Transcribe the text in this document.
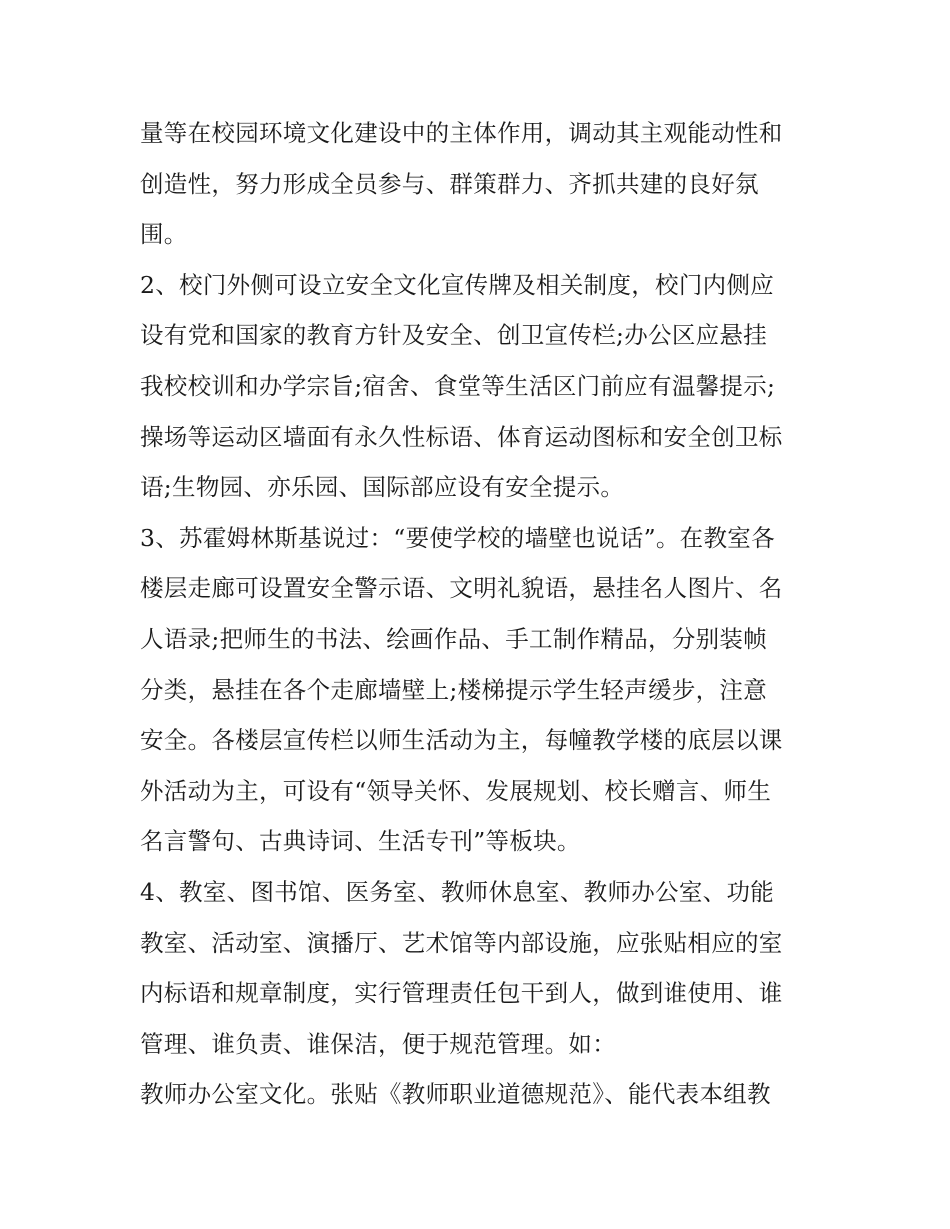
量等在校园环境文化建设中的主体作用，调动其主观能动性和
创造性，努力形成全员参与、群策群力、齐抓共建的良好氛
围。
2、校门外侧可设立安全文化宣传牌及相关制度，校门内侧应
设有党和国家的教育方针及安全、创卫宣传栏;办公区应悬挂
我校校训和办学宗旨;宿舍、食堂等生活区门前应有温馨提示;
操场等运动区墙面有永久性标语、体育运动图标和安全创卫标
语;生物园、亦乐园、国际部应设有安全提示。
3、苏霍姆林斯基说过：“要使学校的墙壁也说话”。在教室各
楼层走廊可设置安全警示语、文明礼貌语，悬挂名人图片、名
人语录;把师生的书法、绘画作品、手工制作精品，分别装帧
分类，悬挂在各个走廊墙壁上;楼梯提示学生轻声缓步，注意
安全。各楼层宣传栏以师生活动为主，每幢教学楼的底层以课
外活动为主，可设有“领导关怀、发展规划、校长赠言、师生
名言警句、古典诗词、生活专刊”等板块。
4、教室、图书馆、医务室、教师休息室、教师办公室、功能
教室、活动室、演播厅、艺术馆等内部设施，应张贴相应的室
内标语和规章制度，实行管理责任包干到人，做到谁使用、谁
管理、谁负责、谁保洁，便于规范管理。如：
教师办公室文化。张贴《教师职业道德规范》、能代表本组教
